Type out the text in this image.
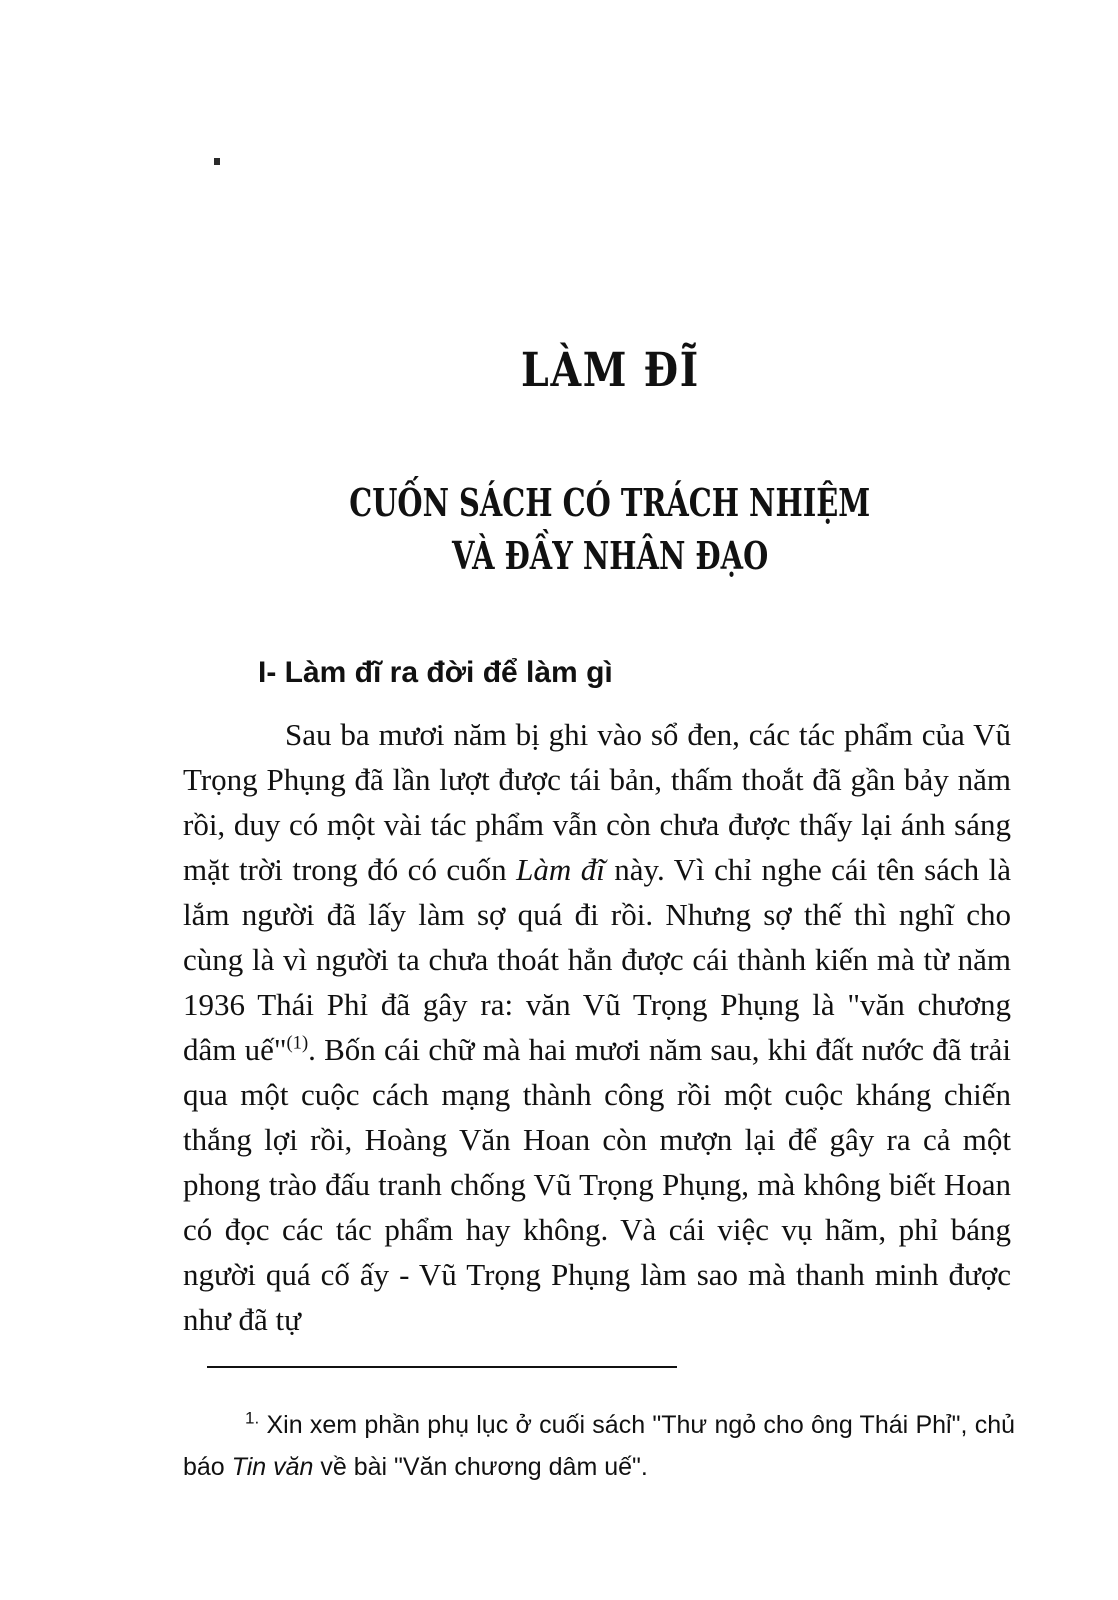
LÀM ĐĨ
CUỐN SÁCH CÓ TRÁCH NHIỆM
VÀ ĐẦY NHÂN ĐẠO
I- Làm đĩ ra đời để làm gì

Sau ba mươi năm bị ghi vào sổ đen, các tác phẩm của Vũ Trọng Phụng đã lần lượt được tái bản, thấm thoắt đã gần bảy năm rồi, duy có một vài tác phẩm vẫn còn chưa được thấy lại ánh sáng mặt trời trong đó có cuốn Làm đĩ này. Vì chỉ nghe cái tên sách là lắm người đã lấy làm sợ quá đi rồi. Nhưng sợ thế thì nghĩ cho cùng là vì người ta chưa thoát hẳn được cái thành kiến mà từ năm 1936 Thái Phỉ đã gây ra: văn Vũ Trọng Phụng là "văn chương dâm uế"$^{(1)}$. Bốn cái chữ mà hai mươi năm sau, khi đất nước đã trải qua một cuộc cách mạng thành công rồi một cuộc kháng chiến thắng lợi rồi, Hoàng Văn Hoan còn mượn lại để gây ra cả một phong trào đấu tranh chống Vũ Trọng Phụng, mà không biết Hoan có đọc các tác phẩm hay không. Và cái việc vụ hãm, phỉ báng người quá cố ấy - Vũ Trọng Phụng làm sao mà thanh minh được như đã tự

$^{1.}$ Xin xem phần phụ lục ở cuối sách "Thư ngỏ cho ông Thái Phỉ", chủ báo Tin văn về bài "Văn chương dâm uế".
